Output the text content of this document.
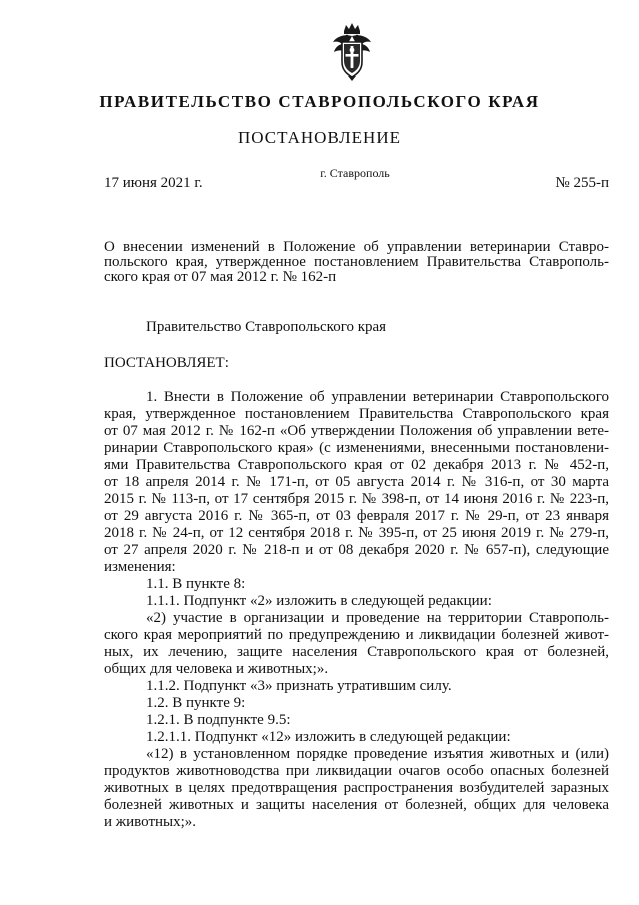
ПРАВИТЕЛЬСТВО СТАВРОПОЛЬСКОГО КРАЯ
ПОСТАНОВЛЕНИЕ
г. Ставрополь
17 июня 2021 г.	№ 255-п
О внесении изменений в Положение об управлении ветеринарии Ставро-
польского края, утвержденное постановлением Правительства Ставрополь-
ского края от 07 мая 2012 г. № 162-п
Правительство Ставропольского края
ПОСТАНОВЛЯЕТ:
1. Внести в Положение об управлении ветеринарии Ставропольского
края, утвержденное постановлением Правительства Ставропольского края
от 07 мая 2012 г. № 162-п «Об утверждении Положения об управлении вете-
ринарии Ставропольского края» (с изменениями, внесенными постановлени-
ями Правительства Ставропольского края от 02 декабря 2013 г. № 452-п,
от 18 апреля 2014 г. № 171-п, от 05 августа 2014 г. № 316-п, от 30 марта
2015 г. № 113-п, от 17 сентября 2015 г. № 398-п, от 14 июня 2016 г. № 223-п,
от 29 августа 2016 г. № 365-п, от 03 февраля 2017 г. № 29-п, от 23 января
2018 г. № 24-п, от 12 сентября 2018 г. № 395-п, от 25 июня 2019 г. № 279-п,
от 27 апреля 2020 г. № 218-п и от 08 декабря 2020 г. № 657-п), следующие
изменения:
1.1. В пункте 8:
1.1.1. Подпункт «2» изложить в следующей редакции:
«2) участие в организации и проведение на территории Ставрополь-
ского края мероприятий по предупреждению и ликвидации болезней живот-
ных, их лечению, защите населения Ставропольского края от болезней,
общих для человека и животных;».
1.1.2. Подпункт «3» признать утратившим силу.
1.2. В пункте 9:
1.2.1. В подпункте 9.5:
1.2.1.1. Подпункт «12» изложить в следующей редакции:
«12) в установленном порядке проведение изъятия животных и (или)
продуктов животноводства при ликвидации очагов особо опасных болезней
животных в целях предотвращения распространения возбудителей заразных
болезней животных и защиты населения от болезней, общих для человека
и животных;».
